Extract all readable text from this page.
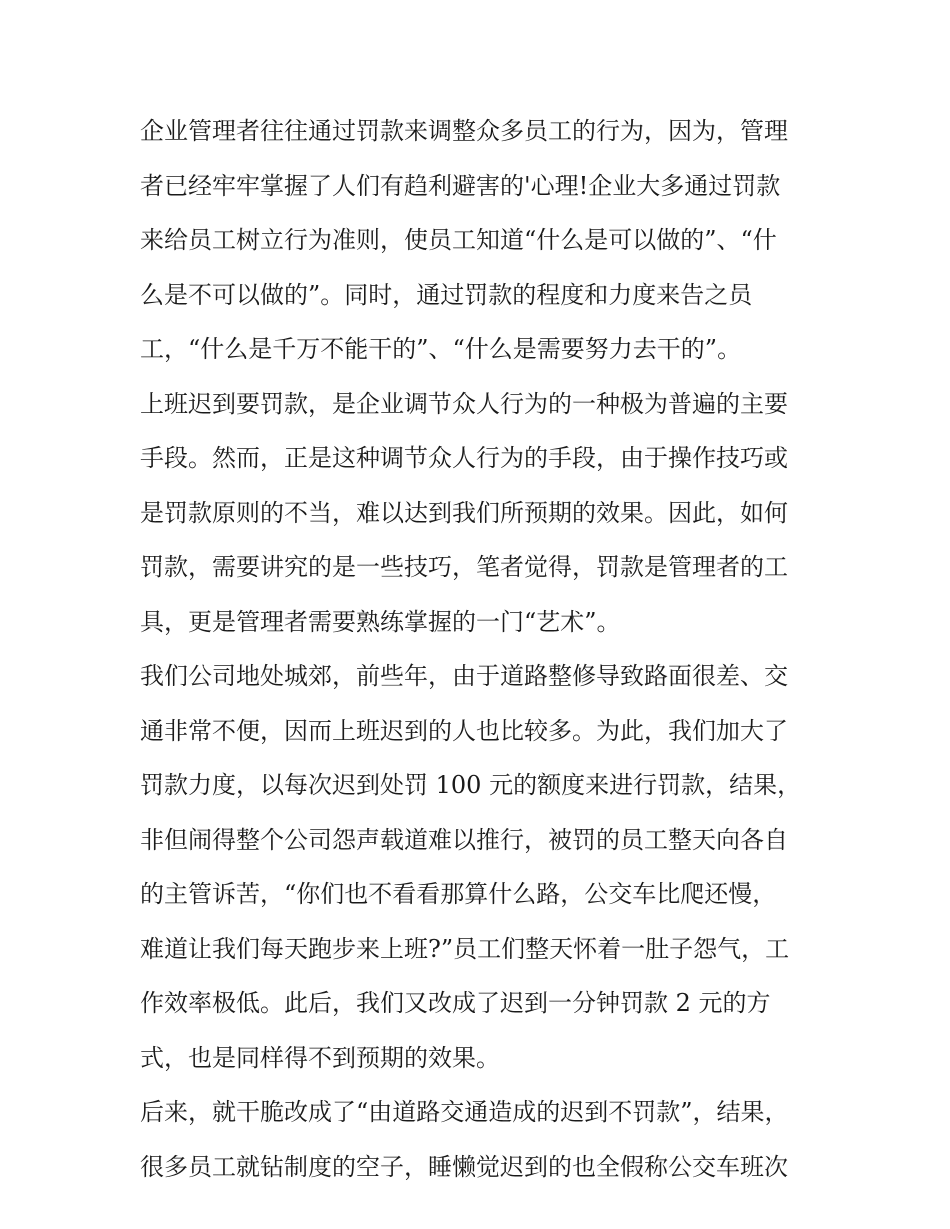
企业管理者往往通过罚款来调整众多员工的行为，因为，管理
者已经牢牢掌握了人们有趋利避害的'心理!企业大多通过罚款
来给员工树立行为准则，使员工知道“什么是可以做的”、“什
么是不可以做的”。同时，通过罚款的程度和力度来告之员
工，“什么是千万不能干的”、“什么是需要努力去干的”。
上班迟到要罚款，是企业调节众人行为的一种极为普遍的主要
手段。然而，正是这种调节众人行为的手段，由于操作技巧或
是罚款原则的不当，难以达到我们所预期的效果。因此，如何
罚款，需要讲究的是一些技巧，笔者觉得，罚款是管理者的工
具，更是管理者需要熟练掌握的一门“艺术”。
我们公司地处城郊，前些年，由于道路整修导致路面很差、交
通非常不便，因而上班迟到的人也比较多。为此，我们加大了
罚款力度，以每次迟到处罚 100 元的额度来进行罚款，结果，
非但闹得整个公司怨声载道难以推行，被罚的员工整天向各自
的主管诉苦，“你们也不看看那算什么路，公交车比爬还慢，
难道让我们每天跑步来上班?”员工们整天怀着一肚子怨气，工
作效率极低。此后，我们又改成了迟到一分钟罚款 2 元的方
式，也是同样得不到预期的效果。
后来，就干脆改成了“由道路交通造成的迟到不罚款”，结果，
很多员工就钻制度的空子，睡懒觉迟到的也全假称公交车班次
